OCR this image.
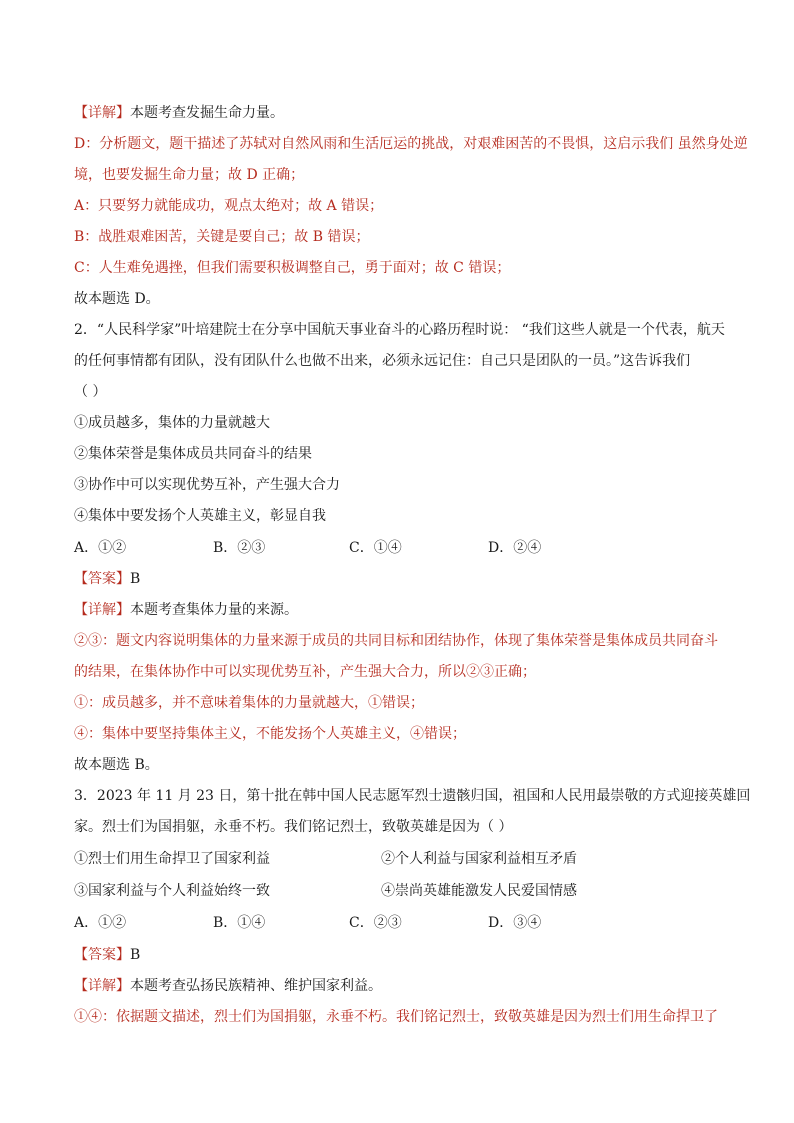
【详解】本题考查发掘生命力量。
D：分析题文，题干描述了苏轼对自然风雨和生活厄运的挑战，对艰难困苦的不畏惧，这启示我们 虽然身处逆
境，也要发掘生命力量；故 D 正确；
A：只要努力就能成功，观点太绝对；故 A 错误；
B：战胜艰难困苦，关键是要自己；故 B 错误；
C：人生难免遇挫，但我们需要积极调整自己，勇于面对；故 C 错误；
故本题选 D。
2．“人民科学家”叶培建院士在分享中国航天事业奋斗的心路历程时说： “我们这些人就是一个代表，航天
的任何事情都有团队，没有团队什么也做不出来，必须永远记住：自己只是团队的一员。”这告诉我们
（ ）
①成员越多，集体的力量就越大
②集体荣誉是集体成员共同奋斗的结果
③协作中可以实现优势互补，产生强大合力
④集体中要发扬个人英雄主义，彰显自我
A．①②	B．②③	C．①④	D．②④
【答案】B
【详解】本题考查集体力量的来源。
②③：题文内容说明集体的力量来源于成员的共同目标和团结协作，体现了集体荣誉是集体成员共同奋斗
的结果，在集体协作中可以实现优势互补，产生强大合力，所以②③正确；
①：成员越多，并不意味着集体的力量就越大，①错误；
④：集体中要坚持集体主义，不能发扬个人英雄主义，④错误；
故本题选 B。
3．2023 年 11 月 23 日，第十批在韩中国人民志愿军烈士遗骸归国，祖国和人民用最崇敬的方式迎接英雄回
家。烈士们为国捐躯，永垂不朽。我们铭记烈士，致敬英雄是因为（ ）
①烈士们用生命捍卫了国家利益	②个人利益与国家利益相互矛盾
③国家利益与个人利益始终一致	④崇尚英雄能激发人民爱国情感
A．①②	B．①④	C．②③	D．③④
【答案】B
【详解】本题考查弘扬民族精神、维护国家利益。
①④：依据题文描述，烈士们为国捐躯，永垂不朽。我们铭记烈士，致敬英雄是因为烈士们用生命捍卫了
